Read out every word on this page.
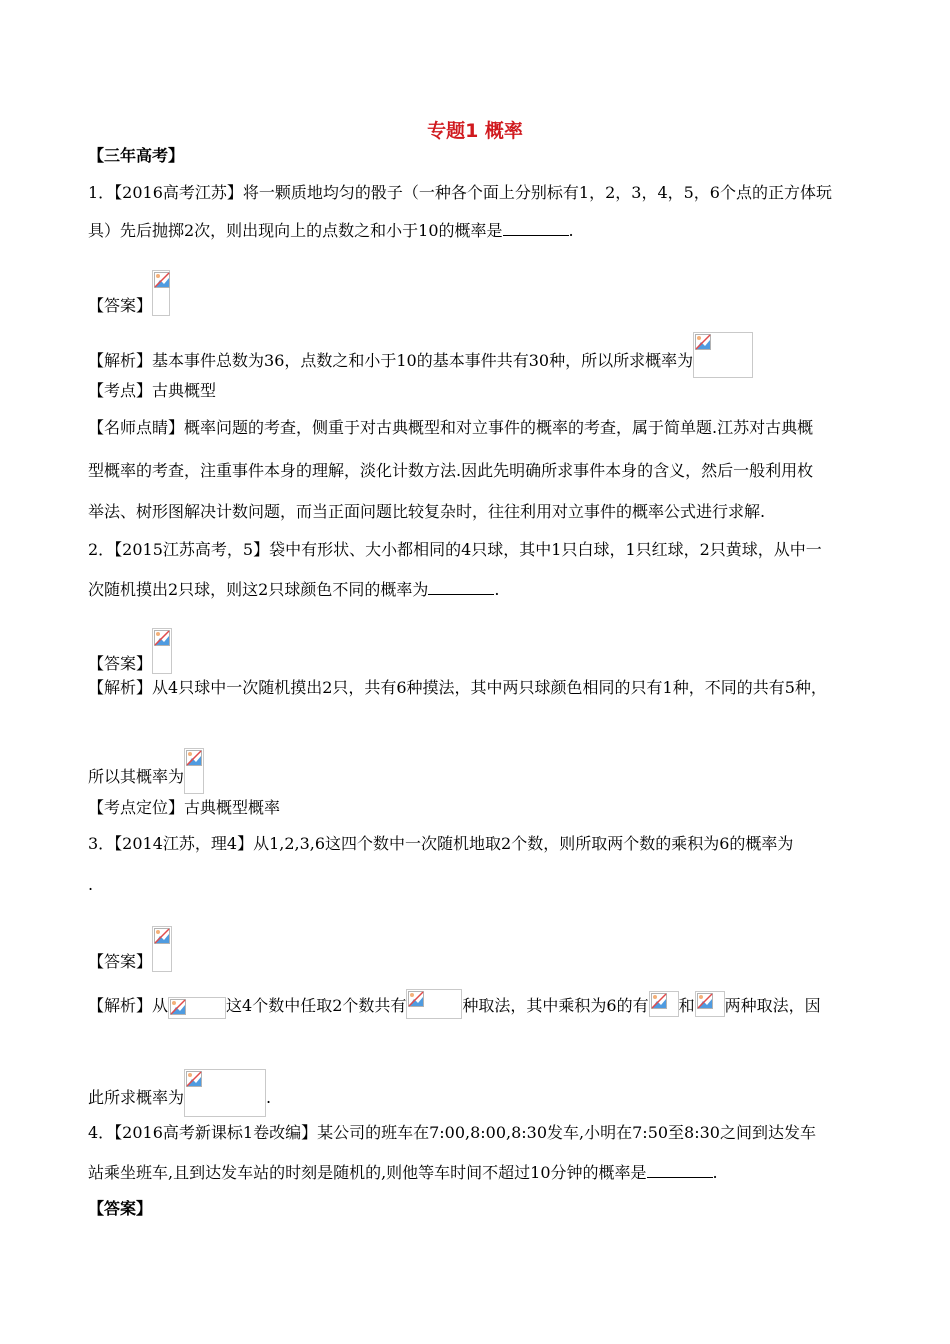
专题1 概率
【三年高考】
1．【2016高考江苏】将一颗质地均匀的骰子（一种各个面上分别标有1，2，3，4，5，6个点的正方体玩
具）先后抛掷2次，则出现向上的点数之和小于10的概率是	.
【答案】
【解析】基本事件总数为36，点数之和小于10的基本事件共有30种，所以所求概率为
【考点】古典概型
【名师点睛】概率问题的考查，侧重于对古典概型和对立事件的概率的考查，属于简单题.江苏对古典概
型概率的考查，注重事件本身的理解，淡化计数方法.因此先明确所求事件本身的含义，然后一般利用枚
举法、树形图解决计数问题，而当正面问题比较复杂时，往往利用对立事件的概率公式进行求解.
2．【2015江苏高考，5】袋中有形状、大小都相同的4只球，其中1只白球，1只红球，2只黄球，从中一
次随机摸出2只球，则这2只球颜色不同的概率为	.
【答案】
【解析】从4只球中一次随机摸出2只，共有6种摸法，其中两只球颜色相同的只有1种，不同的共有5种，
所以其概率为
【考点定位】古典概型概率
3．【2014江苏，理4】从1,2,3,6这四个数中一次随机地取2个数，则所取两个数的乘积为6的概率为
.
【答案】
【解析】从	这4个数中任取2个数共有	种取法，其中乘积为6的有 和 两种取法，因
此所求概率为	.
4．【2016高考新课标1卷改编】某公司的班车在7:00,8:00,8:30发车,小明在7:50至8:30之间到达发车
站乘坐班车,且到达发车站的时刻是随机的,则他等车时间不超过10分钟的概率是	.
【答案】
